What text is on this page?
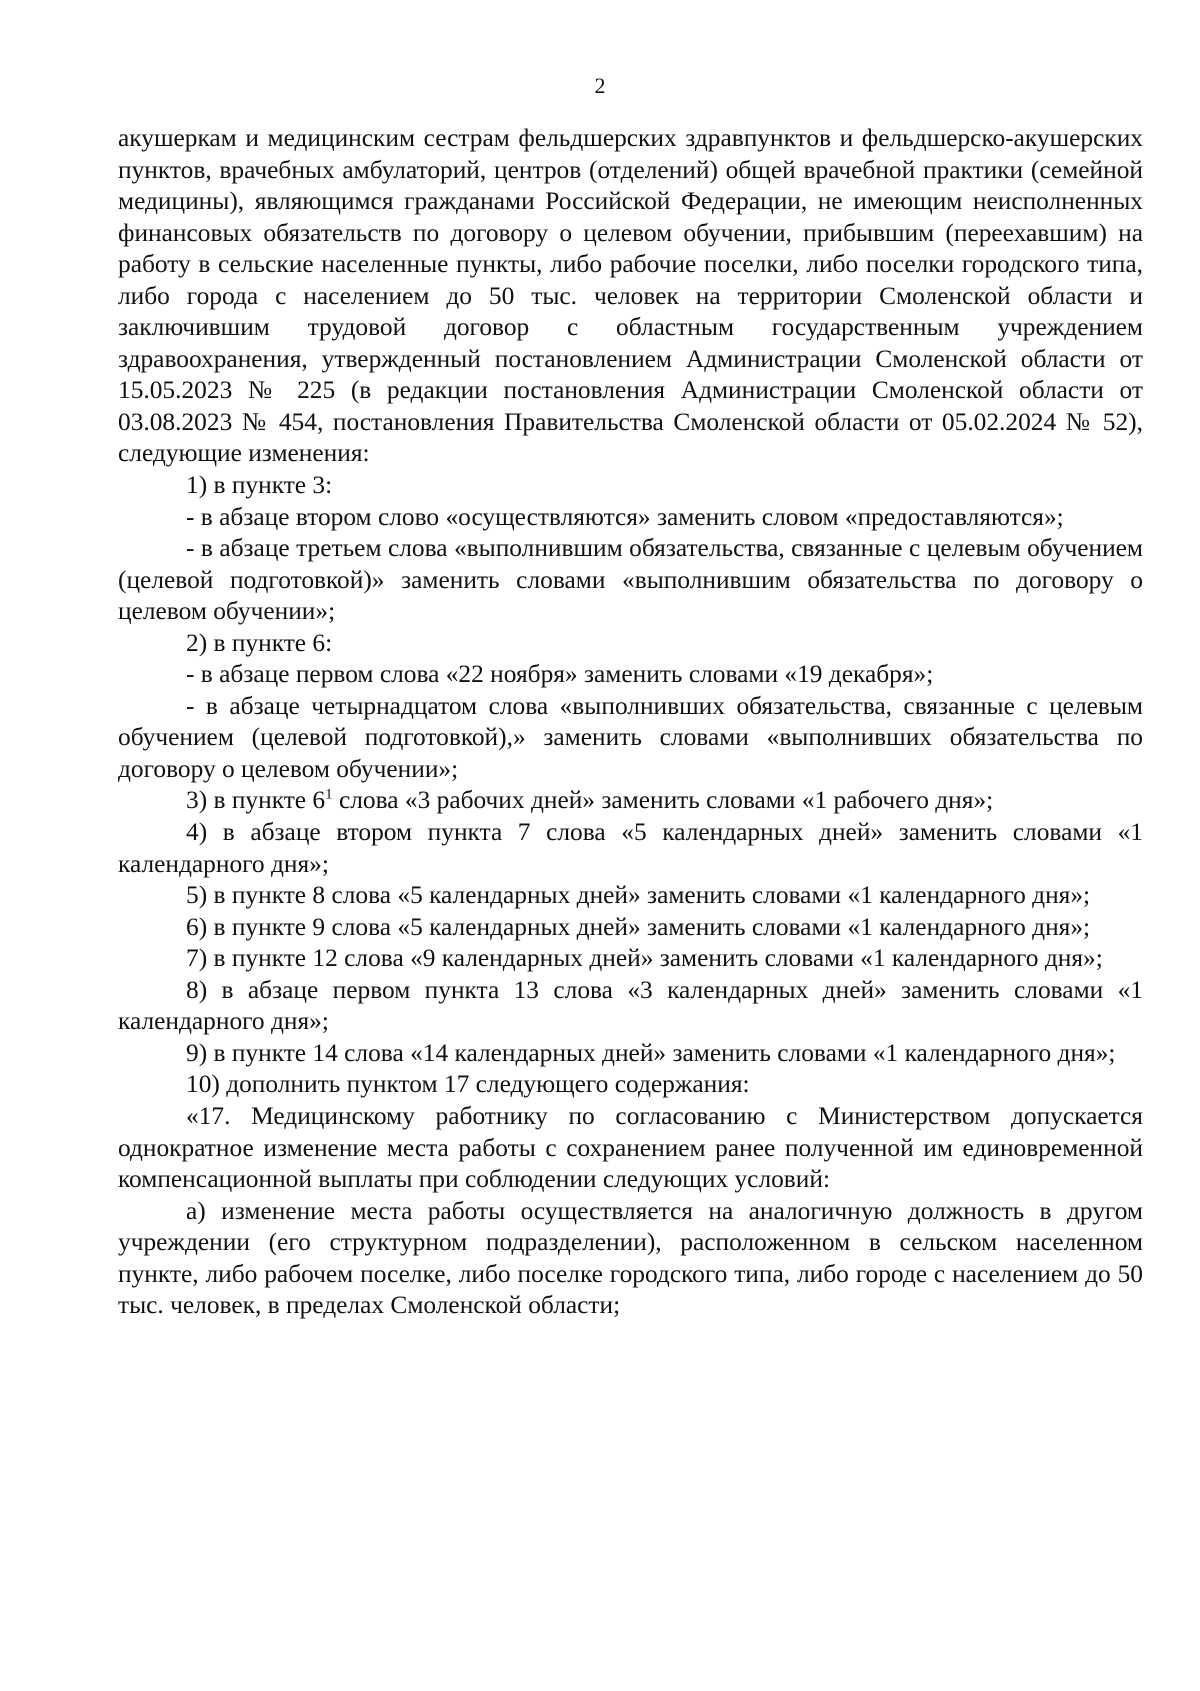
2

акушеркам и медицинским сестрам фельдшерских здравпунктов и фельдшерско-акушерских пунктов, врачебных амбулаторий, центров (отделений) общей врачебной практики (семейной медицины), являющимся гражданами Российской Федерации, не имеющим неисполненных финансовых обязательств по договору о целевом обучении, прибывшим (переехавшим) на работу в сельские населенные пункты, либо рабочие поселки, либо поселки городского типа, либо города с населением до 50 тыс. человек на территории Смоленской области и заключившим трудовой договор с областным государственным учреждением здравоохранения, утвержденный постановлением Администрации Смоленской области от 15.05.2023 № 225 (в редакции постановления Администрации Смоленской области от 03.08.2023 № 454, постановления Правительства Смоленской области от 05.02.2024 № 52), следующие изменения:

1) в пункте 3:

- в абзаце втором слово «осуществляются» заменить словом «предоставляются»;

- в абзаце третьем слова «выполнившим обязательства, связанные с целевым обучением (целевой подготовкой)» заменить словами «выполнившим обязательства по договору о целевом обучении»;

2) в пункте 6:

- в абзаце первом слова «22 ноября» заменить словами «19 декабря»;

- в абзаце четырнадцатом слова «выполнивших обязательства, связанные с целевым обучением (целевой подготовкой),» заменить словами «выполнивших обязательства по договору о целевом обучении»;

3) в пункте $6^1$ слова «3 рабочих дней» заменить словами «1 рабочего дня»;

4) в абзаце втором пункта 7 слова «5 календарных дней» заменить словами «1 календарного дня»;

5) в пункте 8 слова «5 календарных дней» заменить словами «1 календарного дня»;

6) в пункте 9 слова «5 календарных дней» заменить словами «1 календарного дня»;

7) в пункте 12 слова «9 календарных дней» заменить словами «1 календарного дня»;

8) в абзаце первом пункта 13 слова «3 календарных дней» заменить словами «1 календарного дня»;

9) в пункте 14 слова «14 календарных дней» заменить словами «1 календарного дня»;

10) дополнить пунктом 17 следующего содержания:

«17. Медицинскому работнику по согласованию с Министерством допускается однократное изменение места работы с сохранением ранее полученной им единовременной компенсационной выплаты при соблюдении следующих условий:

а) изменение места работы осуществляется на аналогичную должность в другом учреждении (его структурном подразделении), расположенном в сельском населенном пункте, либо рабочем поселке, либо поселке городского типа, либо городе с населением до 50 тыс. человек, в пределах Смоленской области;
